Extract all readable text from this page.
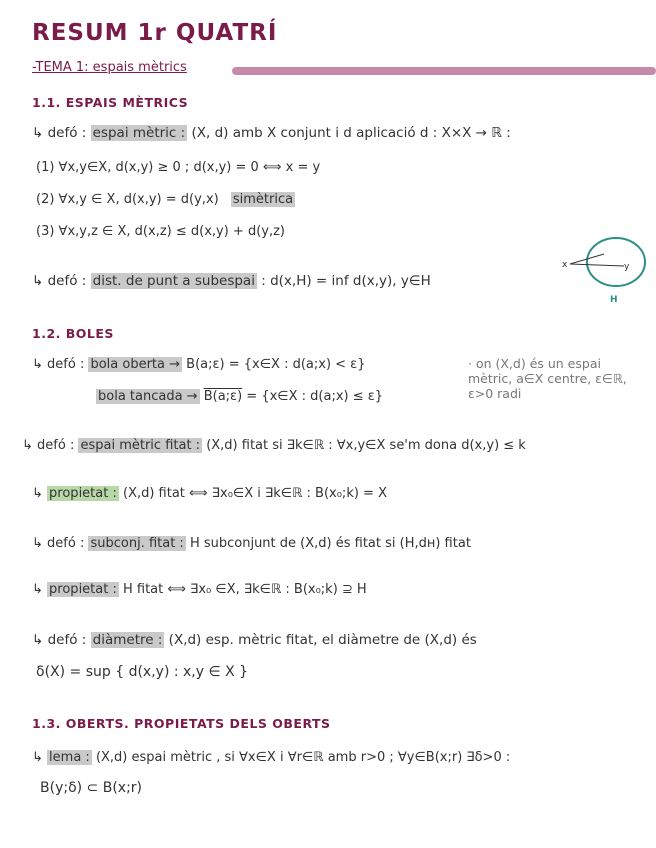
RESUM 1r QUATRÍ
-TEMA 1: espais mètrics
1.1. ESPAIS MÈTRICS
↳ defó : espai mètric : (X, d) amb X conjunt i d aplicació d : X×X → ℝ :
(1) ∀x,y∈X, d(x,y) ≥ 0 ; d(x,y) = 0 ⟺ x = y
(2) ∀x,y ∈ X, d(x,y) = d(y,x) simètrica
(3) ∀x,y,z ∈ X, d(x,z) ≤ d(x,y) + d(y,z)
↳ defó : dist. de punt a subespai : d(x,H) = inf d(x,y), y∈H
x	y
H
1.2. BOLES
↳ defó : bola oberta → B(a;ε) = {x∈X : d(a;x) < ε}
bola tancada → B(a;ε) = {x∈X : d(a;x) ≤ ε}
· on (X,d) és un espai mètric, a∈X centre, ε∈ℝ, ε>0 radi
↳ defó : espai mètric fitat : (X,d) fitat si ∃k∈ℝ : ∀x,y∈X se'm dona d(x,y) ≤ k
↳ propietat : (X,d) fitat ⟺ ∃x₀∈X i ∃k∈ℝ : B(x₀;k) = X
↳ defó : subconj. fitat : H subconjunt de (X,d) és fitat si (H,dн) fitat
↳ propietat : H fitat ⟺ ∃x₀ ∈X, ∃k∈ℝ : B(x₀;k) ⊇ H
↳ defó : diàmetre : (X,d) esp. mètric fitat, el diàmetre de (X,d) és
δ(X) = sup { d(x,y) : x,y ∈ X }
1.3. OBERTS. PROPIETATS DELS OBERTS
↳ lema : (X,d) espai mètric , si ∀x∈X i ∀r∈ℝ amb r>0 ; ∀y∈B(x;r) ∃δ>0 :
B(y;δ) ⊂ B(x;r)
